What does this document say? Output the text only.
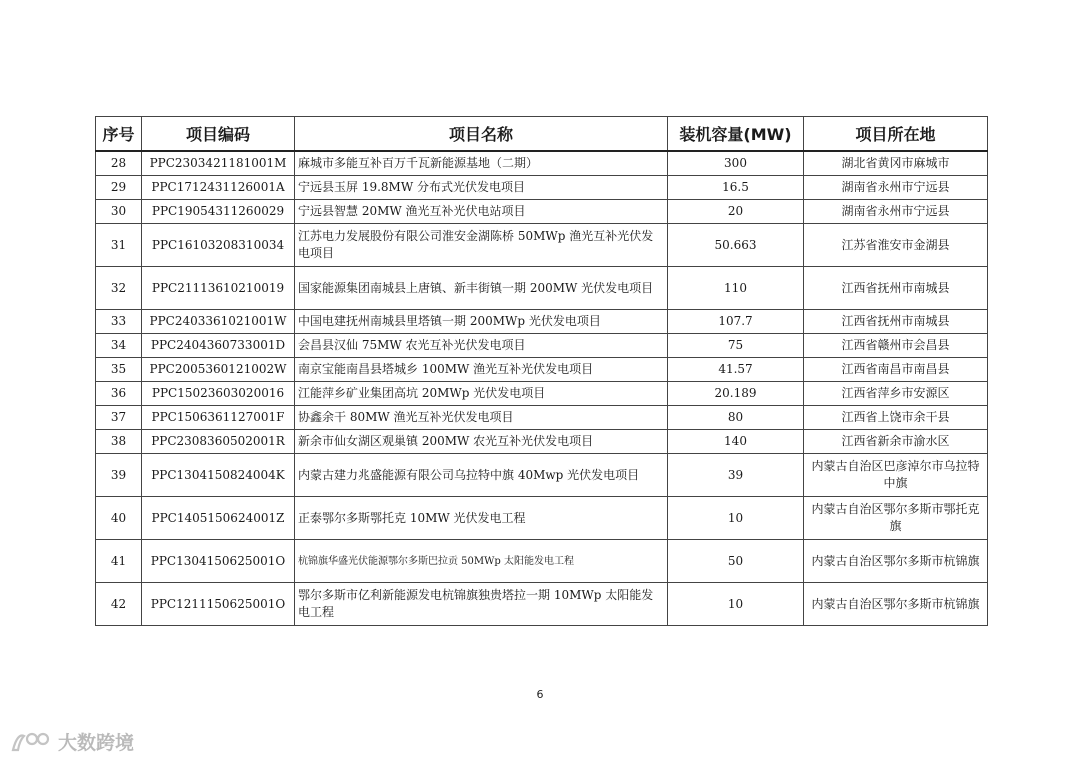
序号	项目编码	项目名称	装机容量(MW)	项目所在地
28	PPC2303421181001M	麻城市多能互补百万千瓦新能源基地（二期）	300	湖北省黄冈市麻城市
29	PPC1712431126001A	宁远县玉屏 19.8MW 分布式光伏发电项目	16.5	湖南省永州市宁远县
30	PPC19054311260029	宁远县智慧 20MW 渔光互补光伏电站项目	20	湖南省永州市宁远县
31	PPC16103208310034	江苏电力发展股份有限公司淮安金湖陈桥 50MWp 渔光互补光伏发电项目	50.663	江苏省淮安市金湖县
32	PPC21113610210019	国家能源集团南城县上唐镇、新丰街镇一期 200MW 光伏发电项目	110	江西省抚州市南城县
33	PPC2403361021001W	中国电建抚州南城县里塔镇一期 200MWp 光伏发电项目	107.7	江西省抚州市南城县
34	PPC2404360733001D	会昌县汉仙 75MW 农光互补光伏发电项目	75	江西省赣州市会昌县
35	PPC2005360121002W	南京宝能南昌县塔城乡 100MW 渔光互补光伏发电项目	41.57	江西省南昌市南昌县
36	PPC15023603020016	江能萍乡矿业集团高坑 20MWp 光伏发电项目	20.189	江西省萍乡市安源区
37	PPC1506361127001F	协鑫余干 80MW 渔光互补光伏发电项目	80	江西省上饶市余干县
38	PPC2308360502001R	新余市仙女湖区观巢镇 200MW 农光互补光伏发电项目	140	江西省新余市渝水区
39	PPC1304150824004K	内蒙古建力兆盛能源有限公司乌拉特中旗 40Mwp 光伏发电项目	39	内蒙古自治区巴彦淖尔市乌拉特中旗
40	PPC1405150624001Z	正泰鄂尔多斯鄂托克 10MW 光伏发电工程	10	内蒙古自治区鄂尔多斯市鄂托克旗
41	PPC1304150625001O	杭锦旗华盛光伏能源鄂尔多斯巴拉贡 50MWp 太阳能发电工程	50	内蒙古自治区鄂尔多斯市杭锦旗
42	PPC1211150625001O	鄂尔多斯市亿利新能源发电杭锦旗独贵塔拉一期 10MWp 太阳能发电工程	10	内蒙古自治区鄂尔多斯市杭锦旗
6
大数跨境
